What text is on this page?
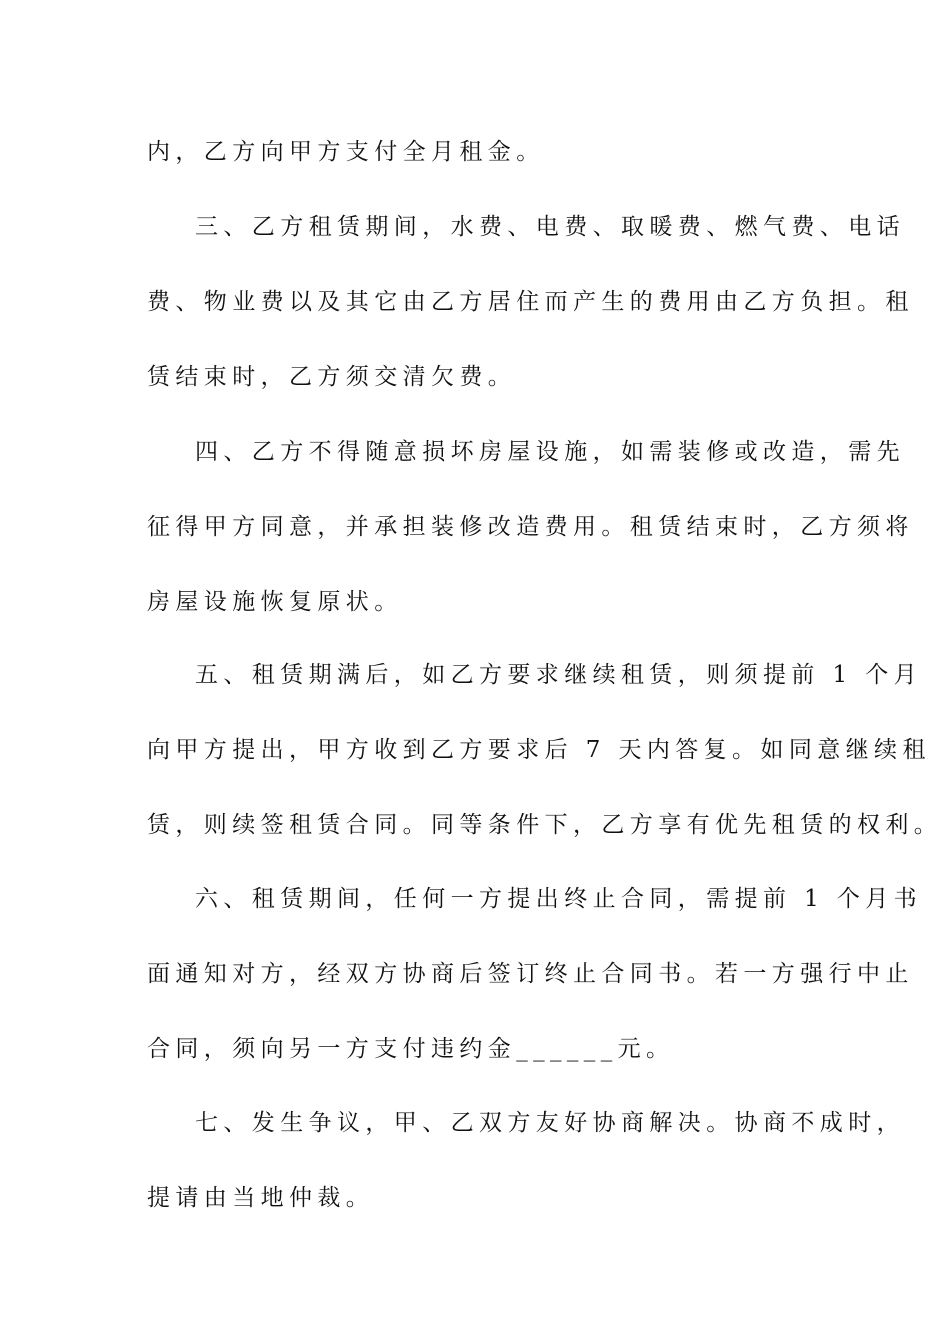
内，乙方向甲方支付全月租金。
三、乙方租赁期间，水费、电费、取暖费、燃气费、电话
费、物业费以及其它由乙方居住而产生的费用由乙方负担。租
赁结束时，乙方须交清欠费。
四、乙方不得随意损坏房屋设施，如需装修或改造，需先
征得甲方同意，并承担装修改造费用。租赁结束时，乙方须将
房屋设施恢复原状。
五、租赁期满后，如乙方要求继续租赁，则须提前 1 个月
向甲方提出，甲方收到乙方要求后 7 天内答复。如同意继续租
赁，则续签租赁合同。同等条件下，乙方享有优先租赁的权利。
六、租赁期间，任何一方提出终止合同，需提前 1 个月书
面通知对方，经双方协商后签订终止合同书。若一方强行中止
合同，须向另一方支付违约金______元。
七、发生争议，甲、乙双方友好协商解决。协商不成时，
提请由当地仲裁。
